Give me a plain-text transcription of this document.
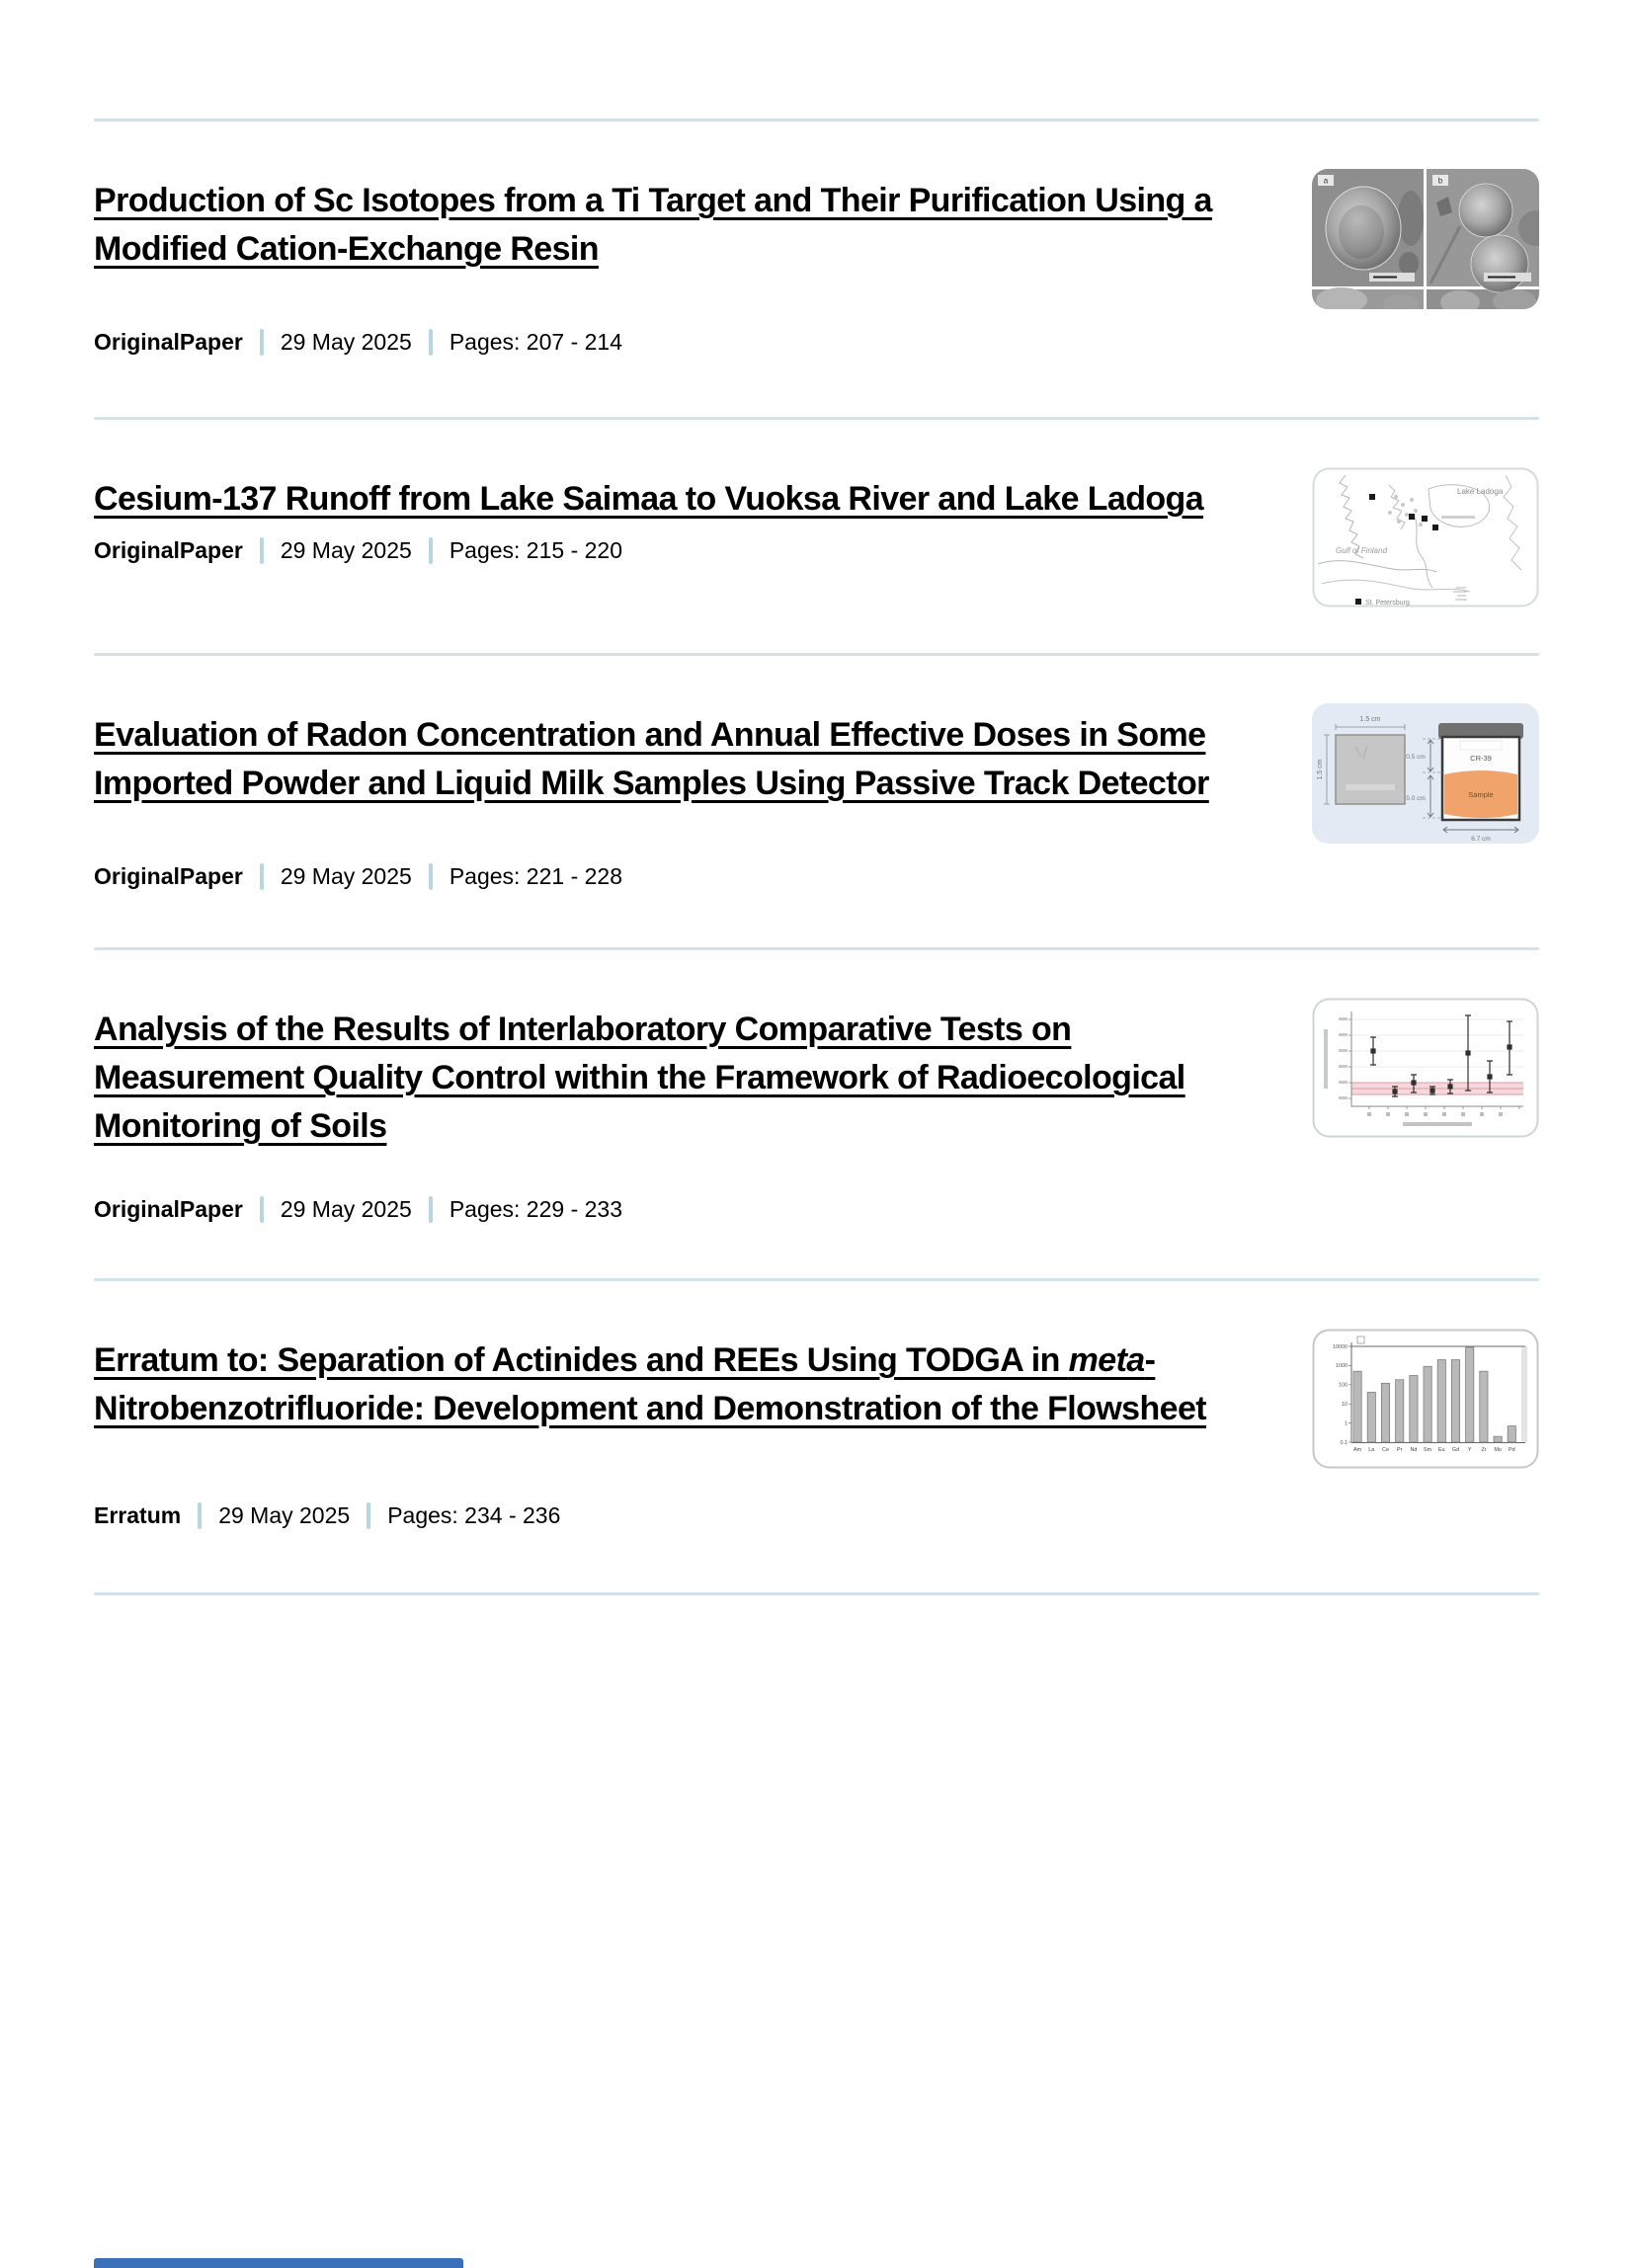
Production of Sc Isotopes from a Ti Target and Their Purification Using a Modified Cation-Exchange Resin
OriginalPaper 29 May 2025 Pages: 207 - 214
a	b
Cesium-137 Runoff from Lake Saimaa to Vuoksa River and Lake Ladoga
OriginalPaper 29 May 2025 Pages: 215 - 220
Lake Ladoga
Gulf of Finland
St. Petersburg
Evaluation of Radon Concentration and Annual Effective Doses in Some Imported Powder and Liquid Milk Samples Using Passive Track Detector
OriginalPaper 29 May 2025 Pages: 221 - 228
1.5 cm
1.5 cm
CR-39
Sample
0.5 cm
5.0 cm
6.7 cm
Analysis of the Results of Interlaboratory Comparative Tests on Measurement Quality Control within the Framework of Radioecological Monitoring of Soils
OriginalPaper 29 May 2025 Pages: 229 - 233
Erratum to: Separation of Actinides and REEs Using TODGA in meta-Nitrobenzotrifluoride: Development and Demonstration of the Flowsheet
Erratum 29 May 2025 Pages: 234 - 236
10000
1000
100
10
1
0.1
Am La Ce Pr Nd Sm Eu Gd Y Zr Mo Pd
